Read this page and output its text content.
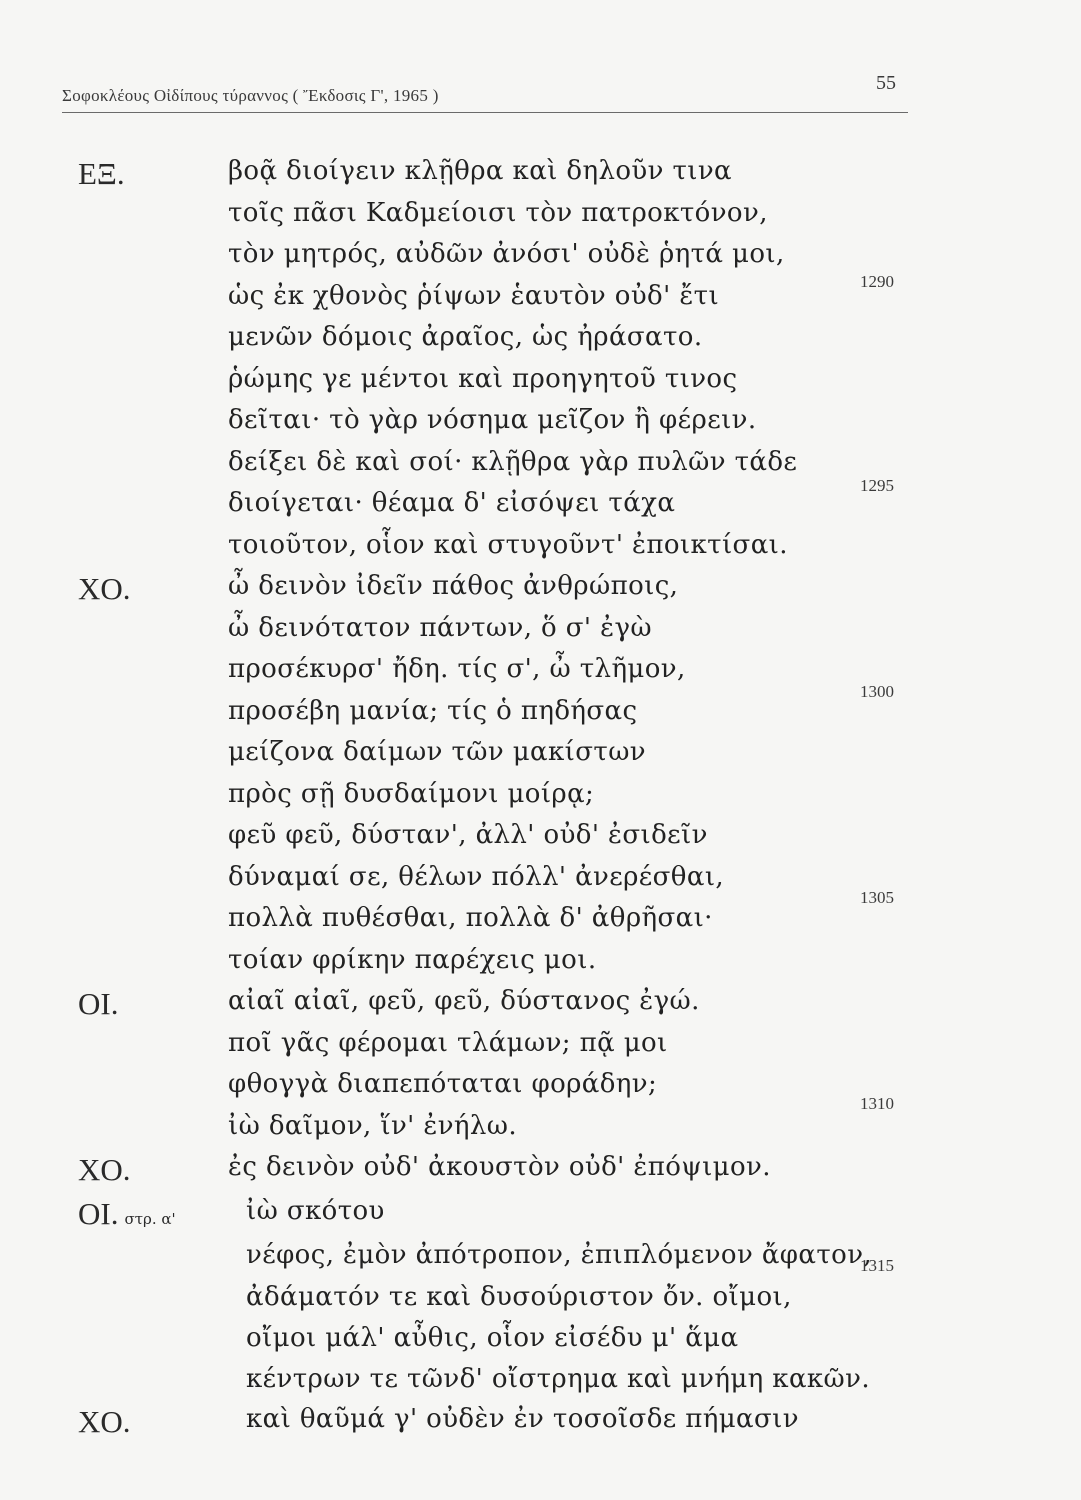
Σοφοκλέους Οἰδίπους τύραννος ( Ἔκδοσις Γ', 1965 )
55
ΕΞ.	βοᾷ διοίγειν κλῇθρα καὶ δηλοῦν τινα
τοῖς πᾶσι Καδμείοισι τὸν πατροκτόνον,
τὸν μητρός, αὐδῶν ἀνόσι' οὐδὲ ῥητά μοι,
ὡς ἐκ χθονὸς ῥίψων ἑαυτὸν οὐδ' ἔτι
μενῶν δόμοις ἀραῖος, ὡς ἠράσατο.
ῥώμης γε μέντοι καὶ προηγητοῦ τινος
δεῖται· τὸ γὰρ νόσημα μεῖζον ἢ φέρειν.
δείξει δὲ καὶ σοί· κλῇθρα γὰρ πυλῶν τάδε
διοίγεται· θέαμα δ' εἰσόψει τάχα
τοιοῦτον, οἷον καὶ στυγοῦντ' ἐποικτίσαι.
ΧΟ.	ὦ δεινὸν ἰδεῖν πάθος ἀνθρώποις,
ὦ δεινότατον πάντων, ὅ σ' ἐγὼ
προσέκυρσ' ἤδη. τίς σ', ὦ τλῆμον,
προσέβη μανία; τίς ὁ πηδήσας
μείζονα δαίμων τῶν μακίστων
πρὸς σῇ δυσδαίμονι μοίρᾳ;
φεῦ φεῦ, δύσταν', ἀλλ' οὐδ' ἐσιδεῖν
δύναμαί σε, θέλων πόλλ' ἀνερέσθαι,
πολλὰ πυθέσθαι, πολλὰ δ' ἀθρῆσαι·
τοίαν φρίκην παρέχεις μοι.
ΟΙ.	αἰαῖ αἰαῖ, φεῦ, φεῦ, δύστανος ἐγώ.
ποῖ γᾶς φέρομαι τλάμων; πᾷ μοι
φθογγὰ διαπεπόταται φοράδην;
ἰὼ δαῖμον, ἵν' ἐνήλω.
ΧΟ.	ἐς δεινὸν οὐδ' ἀκουστὸν οὐδ' ἐπόψιμον.
ΟΙ. στρ. α'	ἰὼ σκότου
νέφος, ἐμὸν ἀπότροπον, ἐπιπλόμενον ἄφατον,
ἀδάματόν τε καὶ δυσούριστον ὄν. οἴμοι,
οἴμοι μάλ' αὖθις, οἷον εἰσέδυ μ' ἅμα
κέντρων τε τῶνδ' οἴστρημα καὶ μνήμη κακῶν.
ΧΟ.	καὶ θαῦμά γ' οὐδὲν ἐν τοσοῖσδε πήμασιν
1290
1295
1300
1305
1310
1315
